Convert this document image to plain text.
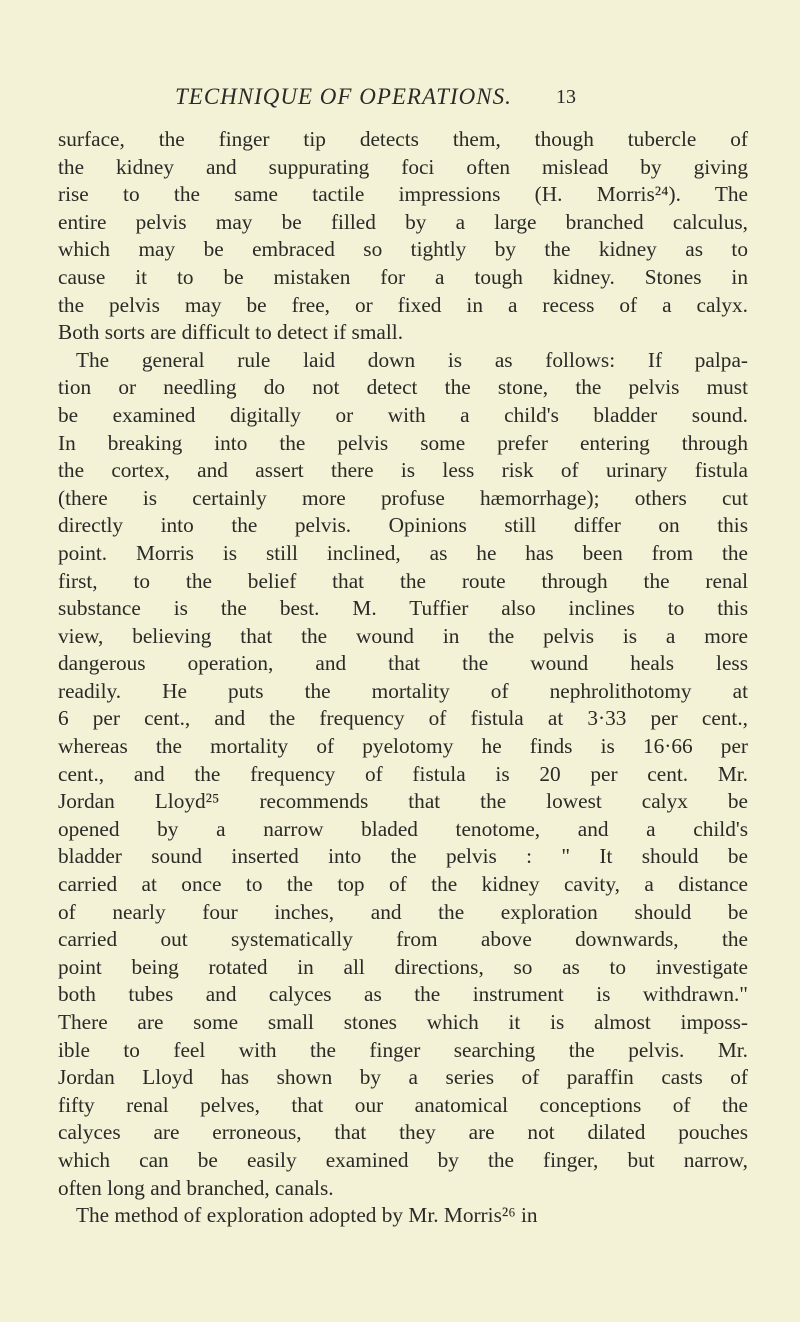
TECHNIQUE OF OPERATIONS. 13
surface, the finger tip detects them, though tubercle of
the kidney and suppurating foci often mislead by giving
rise to the same tactile impressions (H. Morris²⁴). The
entire pelvis may be filled by a large branched calculus,
which may be embraced so tightly by the kidney as to
cause it to be mistaken for a tough kidney. Stones in
the pelvis may be free, or fixed in a recess of a calyx.
Both sorts are difficult to detect if small.
The general rule laid down is as follows: If palpa-
tion or needling do not detect the stone, the pelvis must
be examined digitally or with a child's bladder sound.
In breaking into the pelvis some prefer entering through
the cortex, and assert there is less risk of urinary fistula
(there is certainly more profuse hæmorrhage); others cut
directly into the pelvis. Opinions still differ on this
point. Morris is still inclined, as he has been from the
first, to the belief that the route through the renal
substance is the best. M. Tuffier also inclines to this
view, believing that the wound in the pelvis is a more
dangerous operation, and that the wound heals less
readily. He puts the mortality of nephrolithotomy at
6 per cent., and the frequency of fistula at 3·33 per cent.,
whereas the mortality of pyelotomy he finds is 16·66 per
cent., and the frequency of fistula is 20 per cent. Mr.
Jordan Lloyd²⁵ recommends that the lowest calyx be
opened by a narrow bladed tenotome, and a child's
bladder sound inserted into the pelvis : " It should be
carried at once to the top of the kidney cavity, a distance
of nearly four inches, and the exploration should be
carried out systematically from above downwards, the
point being rotated in all directions, so as to investigate
both tubes and calyces as the instrument is withdrawn."
There are some small stones which it is almost imposs-
ible to feel with the finger searching the pelvis. Mr.
Jordan Lloyd has shown by a series of paraffin casts of
fifty renal pelves, that our anatomical conceptions of the
calyces are erroneous, that they are not dilated pouches
which can be easily examined by the finger, but narrow,
often long and branched, canals.
The method of exploration adopted by Mr. Morris²⁶ in
